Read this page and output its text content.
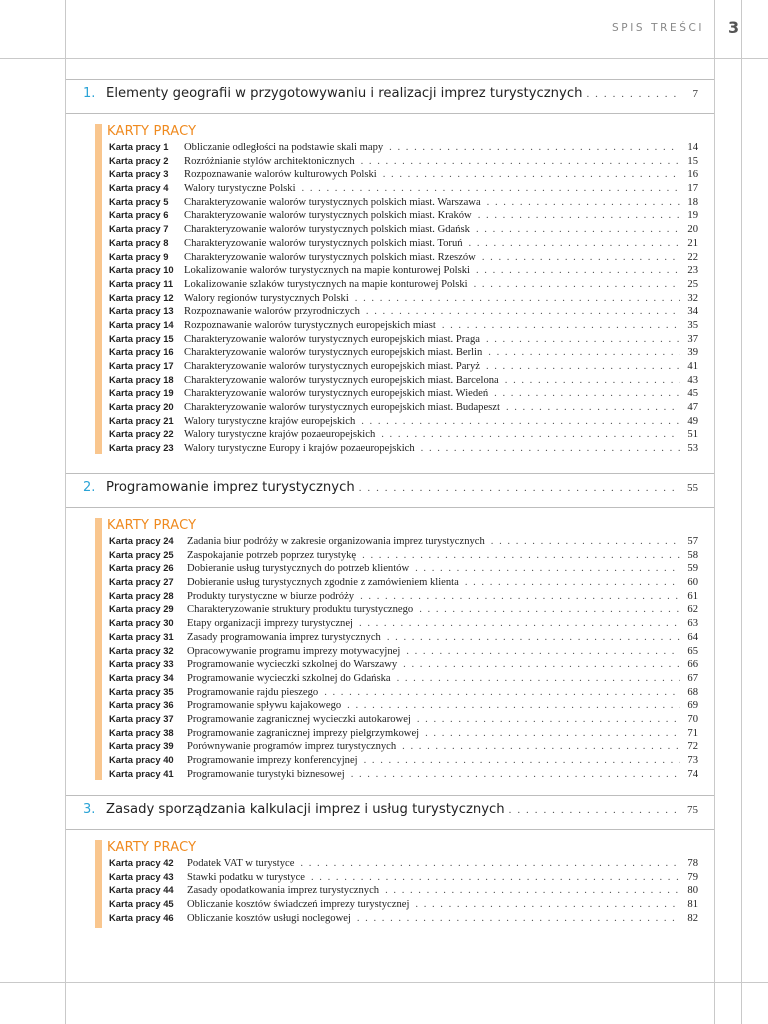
SPIS TREŚCI 3
1. Elementy geografii w przygotowywaniu i realizacji imprez turystycznych . . .	7
KARTY PRACY
Karta pracy 1	Obliczanie odległości na podstawie skali mapy . . .	14
Karta pracy 2	Rozróżnianie stylów architektonicznych . . .	15
Karta pracy 3	Rozpoznawanie walorów kulturowych Polski . . .	16
Karta pracy 4	Walory turystyczne Polski . . .	17
Karta pracy 5	Charakteryzowanie walorów turystycznych polskich miast. Warszawa . . .	18
Karta pracy 6	Charakteryzowanie walorów turystycznych polskich miast. Kraków . . .	19
Karta pracy 7	Charakteryzowanie walorów turystycznych polskich miast. Gdańsk . . .	20
Karta pracy 8	Charakteryzowanie walorów turystycznych polskich miast. Toruń . . .	21
Karta pracy 9	Charakteryzowanie walorów turystycznych polskich miast. Rzeszów . . .	22
Karta pracy 10 Lokalizowanie walorów turystycznych na mapie konturowej Polski . . .	23
Karta pracy 11	Lokalizowanie szlaków turystycznych na mapie konturowej Polski . . .	25
Karta pracy 12 Walory regionów turystycznych Polski . . .	32
Karta pracy 13 Rozpoznawanie walorów przyrodniczych . . .	34
Karta pracy 14 Rozpoznawanie walorów turystycznych europejskich miast . . .	35
Karta pracy 15 Charakteryzowanie walorów turystycznych europejskich miast. Praga . . .	37
Karta pracy 16 Charakteryzowanie walorów turystycznych europejskich miast. Berlin . . .	39
Karta pracy 17 Charakteryzowanie walorów turystycznych europejskich miast. Paryż . . .	41
Karta pracy 18 Charakteryzowanie walorów turystycznych europejskich miast. Barcelona . . .	43
Karta pracy 19 Charakteryzowanie walorów turystycznych europejskich miast. Wiedeń . . .	45
Karta pracy 20 Charakteryzowanie walorów turystycznych europejskich miast. Budapeszt . . .	47
Karta pracy 21 Walory turystyczne krajów europejskich . . .	49
Karta pracy 22 Walory turystyczne krajów pozaeuropejskich . . .	51
Karta pracy 23 Walory turystyczne Europy i krajów pozaeuropejskich . . .	53
2. Programowanie imprez turystycznych . . .	55
KARTY PRACY
Karta pracy 24	Zadania biur podróży w zakresie organizowania imprez turystycznych . . .	57
Karta pracy 25	Zaspokajanie potrzeb poprzez turystykę . . .	58
Karta pracy 26	Dobieranie usług turystycznych do potrzeb klientów . . .	59
Karta pracy 27	Dobieranie usług turystycznych zgodnie z zamówieniem klienta . . .	60
Karta pracy 28	Produkty turystyczne w biurze podróży . . .	61
Karta pracy 29	Charakteryzowanie struktury produktu turystycznego . . .	62
Karta pracy 30	Etapy organizacji imprezy turystycznej . . .	63
Karta pracy 31	Zasady programowania imprez turystycznych . . .	64
Karta pracy 32	Opracowywanie programu imprezy motywacyjnej . . .	65
Karta pracy 33	Programowanie wycieczki szkolnej do Warszawy . . .	66
Karta pracy 34	Programowanie wycieczki szkolnej do Gdańska . . .	67
Karta pracy 35	Programowanie rajdu pieszego . . .	68
Karta pracy 36	Programowanie spływu kajakowego . . .	69
Karta pracy 37	Programowanie zagranicznej wycieczki autokarowej . . .	70
Karta pracy 38	Programowanie zagranicznej imprezy pielgrzymkowej . . .	71
Karta pracy 39	Porównywanie programów imprez turystycznych . . .	72
Karta pracy 40	Programowanie imprezy konferencyjnej . . .	73
Karta pracy 41	Programowanie turystyki biznesowej . . .	74
3. Zasady sporządzania kalkulacji imprez i usług turystycznych . . .	75
KARTY PRACY
Karta pracy 42	Podatek VAT w turystyce . . .	78
Karta pracy 43	Stawki podatku w turystyce . . .	79
Karta pracy 44	Zasady opodatkowania imprez turystycznych . . .	80
Karta pracy 45	Obliczanie kosztów świadczeń imprezy turystycznej . . .	81
Karta pracy 46	Obliczanie kosztów usługi noclegowej . . .	82
